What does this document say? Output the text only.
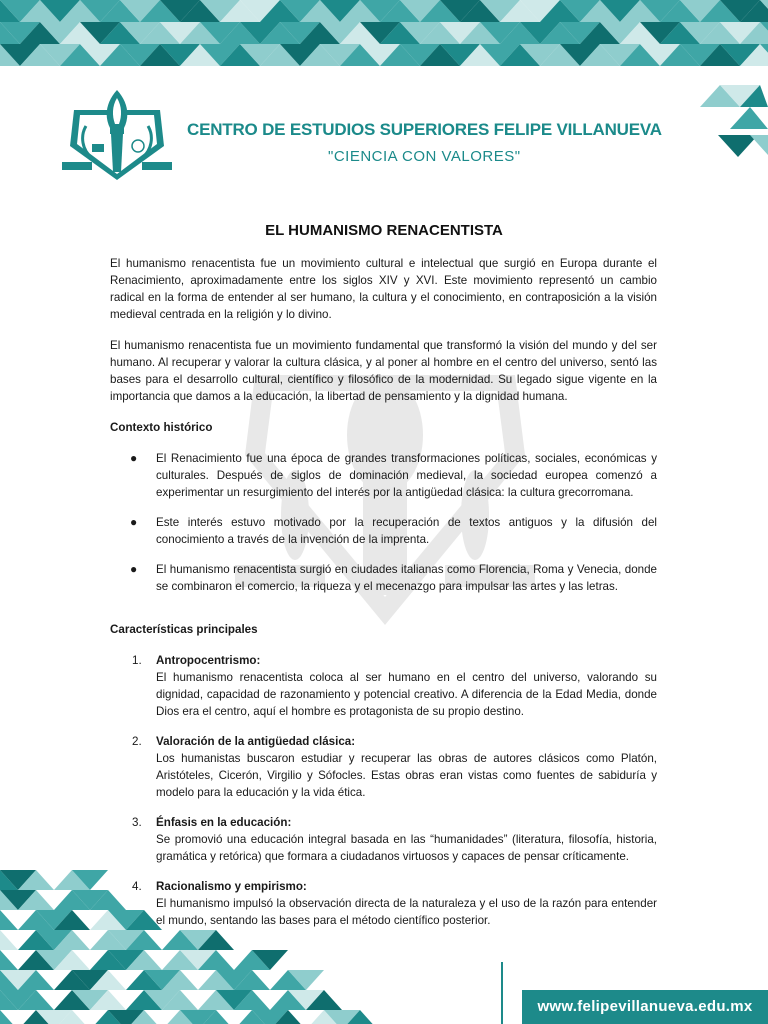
CENTRO DE ESTUDIOS SUPERIORES FELIPE VILLANUEVA
"CIENCIA CON VALORES"
EL HUMANISMO RENACENTISTA

El humanismo renacentista fue un movimiento cultural e intelectual que surgió en Europa durante el Renacimiento, aproximadamente entre los siglos XIV y XVI. Este movimiento representó un cambio radical en la forma de entender al ser humano, la cultura y el conocimiento, en contraposición a la visión medieval centrada en la religión y lo divino.

El humanismo renacentista fue un movimiento fundamental que transformó la visión del mundo y del ser humano. Al recuperar y valorar la cultura clásica, y al poner al hombre en el centro del universo, sentó las bases para el desarrollo cultural, científico y filosófico de la modernidad. Su legado sigue vigente en la importancia que damos a la educación, la libertad de pensamiento y la dignidad humana.

Contexto histórico
● El Renacimiento fue una época de grandes transformaciones políticas, sociales, económicas y culturales. Después de siglos de dominación medieval, la sociedad europea comenzó a experimentar un resurgimiento del interés por la antigüedad clásica: la cultura grecorromana.
● Este interés estuvo motivado por la recuperación de textos antiguos y la difusión del conocimiento a través de la invención de la imprenta.
● El humanismo renacentista surgió en ciudades italianas como Florencia, Roma y Venecia, donde se combinaron el comercio, la riqueza y el mecenazgo para impulsar las artes y las letras.
Características principales
1. Antropocentrismo:
El humanismo renacentista coloca al ser humano en el centro del universo, valorando su dignidad, capacidad de razonamiento y potencial creativo. A diferencia de la Edad Media, donde Dios era el centro, aquí el hombre es protagonista de su propio destino.
2. Valoración de la antigüedad clásica:
Los humanistas buscaron estudiar y recuperar las obras de autores clásicos como Platón, Aristóteles, Cicerón, Virgilio y Sófocles. Estas obras eran vistas como fuentes de sabiduría y modelo para la educación y la vida ética.
3. Énfasis en la educación:
Se promovió una educación integral basada en las “humanidades” (literatura, filosofía, historia, gramática y retórica) que formara a ciudadanos virtuosos y capaces de pensar críticamente.
4. Racionalismo y empirismo:
El humanismo impulsó la observación directa de la naturaleza y el uso de la razón para entender el mundo, sentando las bases para el método científico posterior.
www.felipevillanueva.edu.mx
